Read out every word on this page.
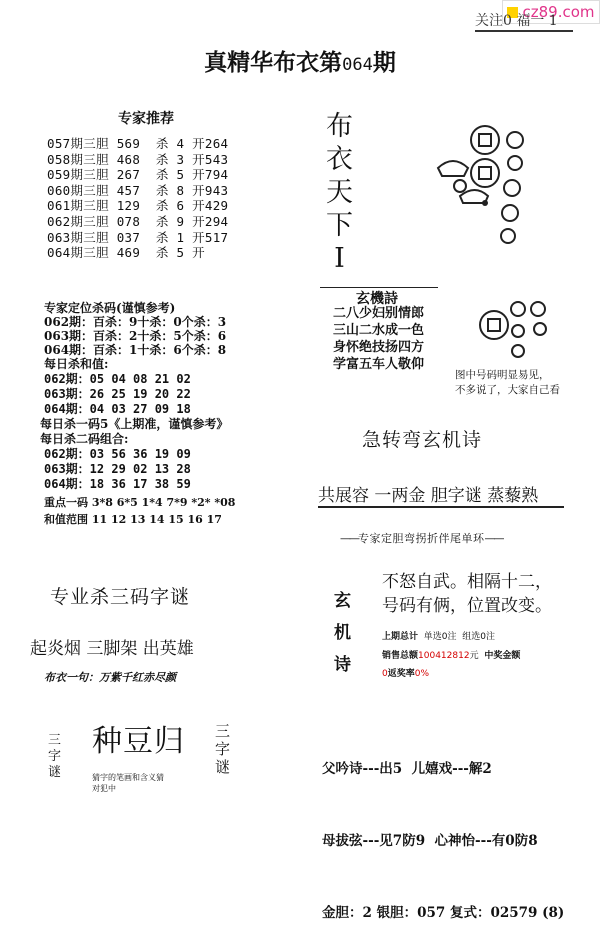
cz89.com
关注0 福一 1
真精华布衣第064期
专家推荐
057期三胆 569  杀 4 开264
058期三胆 468  杀 3 开543
059期三胆 267  杀 5 开794
060期三胆 457  杀 8 开943
061期三胆 129  杀 6 开429
062期三胆 078  杀 9 开294
063期三胆 037  杀 1 开517
064期三胆 469  杀 5 开
布
衣
天
下
I
专家定位杀码(谨慎参考)
062期：百杀：9十杀：0个杀：3
063期：百杀：2十杀：5个杀：6
064期：百杀：1十杀：6个杀：8
每日杀和值:
062期：05 04 08 21 02
063期：26 25 19 20 22
064期：04 03 27 09 18
每日杀一码5《上期准，谨慎参考》
每日杀二码组合:
062期：03 56 36 19 09
063期：12 29 02 13 28
064期：18 36 17 38 59
重点一码 3*8 6*5 1*4 7*9 *2* *08
和值范围 11 12 13 14 15 16 17
玄機詩
二八少妇别情郎
三山二水成一色
身怀绝技扬四方
学富五车人敬仰
图中号码明显易见，
不多说了，大家自己看
急转弯玄机诗
共展容 一两金 胆字谜 蒸藜熟
——专家定胆弯拐折伴尾单环——
专业杀三码字谜
起炎烟 三脚架 出英雄
布衣一句：万紫千红赤尽颜
玄
机
诗
不怒自武。相隔十二，
号码有俩，位置改变。
上期总计 单选0注 组选0注
销售总额100412812元 中奖金额
0返奖率0%
三
字
谜
种豆归
猜字的笔画和含义猜
对犯中
三
字
谜

	父吟诗---出5  儿嬉戏---解2

母拔弦---见7防9  心神怡---有0防8

金胆：2 银胆：057 复式：02579 (8)
